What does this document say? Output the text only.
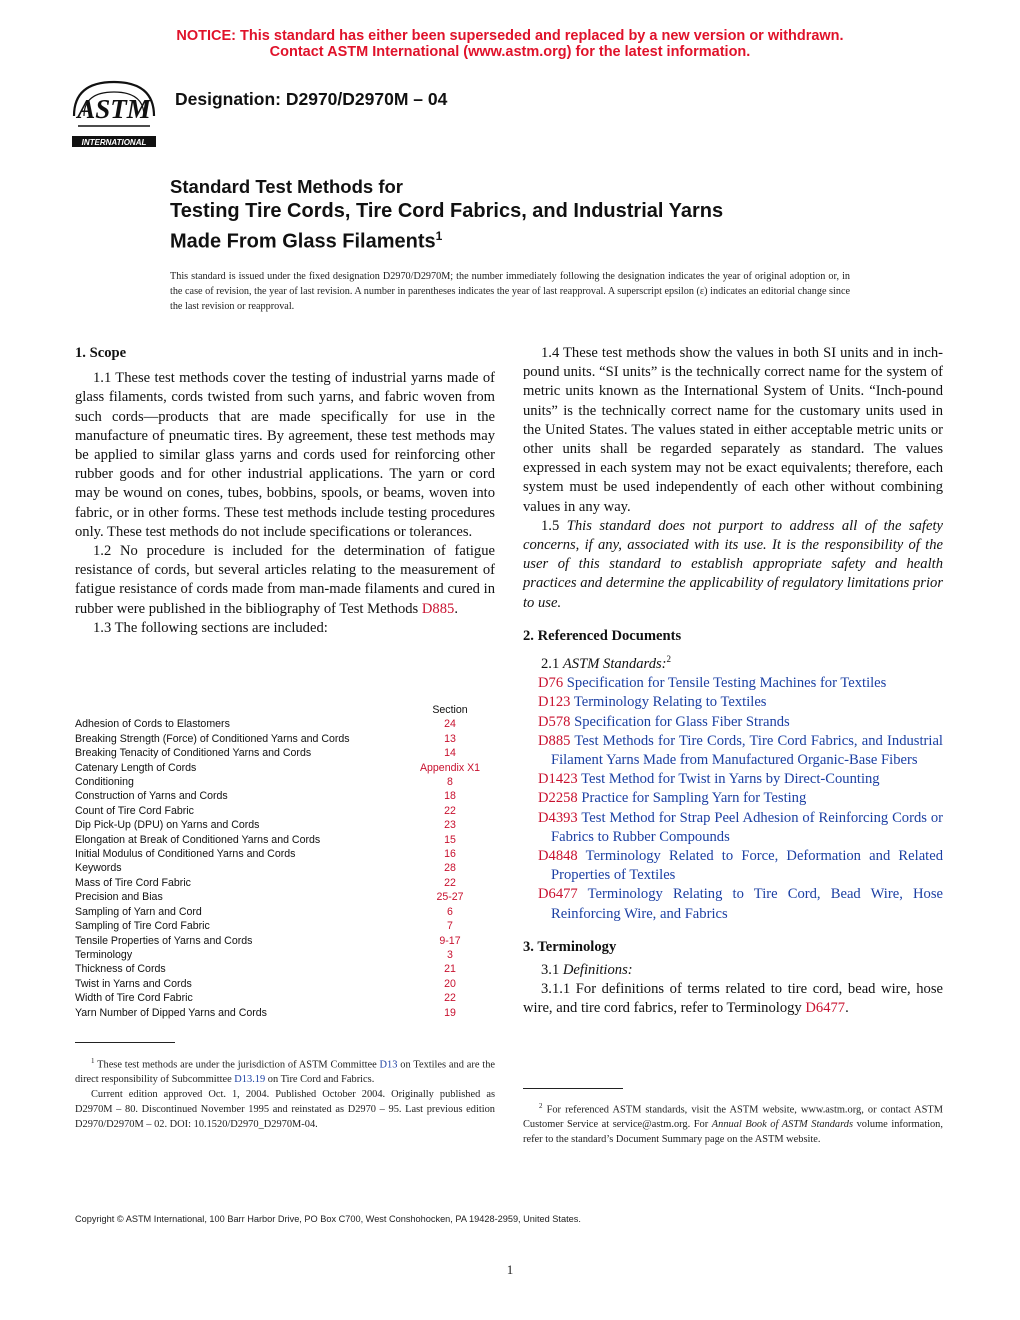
NOTICE: This standard has either been superseded and replaced by a new version or withdrawn.
Contact ASTM International (www.astm.org) for the latest information.
ASTM
INTERNATIONAL
Designation: D2970/D2970M – 04
Standard Test Methods for
Testing Tire Cords, Tire Cord Fabrics, and Industrial Yarns
Made From Glass Filaments$^1$
This standard is issued under the fixed designation D2970/D2970M; the number immediately following the designation indicates the year of original adoption or, in the case of revision, the year of last revision. A number in parentheses indicates the year of last reapproval. A superscript epsilon (ε) indicates an editorial change since the last revision or reapproval.

1. Scope

1.1 These test methods cover the testing of industrial yarns made of glass filaments, cords twisted from such yarns, and fabric woven from such cords—products that are made specifically for use in the manufacture of pneumatic tires. By agreement, these test methods may be applied to similar glass yarns and cords used for reinforcing other rubber goods and for other industrial applications. The yarn or cord may be wound on cones, tubes, bobbins, spools, or beams, woven into fabric, or in other forms. These test methods include testing procedures only. These test methods do not include specifications or tolerances.

1.2 No procedure is included for the determination of fatigue resistance of cords, but several articles relating to the measurement of fatigue resistance of cords made from man-made filaments and cured in rubber were published in the bibliography of Test Methods D885.

1.3 The following sections are included:

Section
Adhesion of Cords to Elastomers	24
Breaking Strength (Force) of Conditioned Yarns and Cords	13
Breaking Tenacity of Conditioned Yarns and Cords	14
Catenary Length of Cords	Appendix X1
Conditioning	8
Construction of Yarns and Cords	18
Count of Tire Cord Fabric	22
Dip Pick-Up (DPU) on Yarns and Cords	23
Elongation at Break of Conditioned Yarns and Cords	15
Initial Modulus of Conditioned Yarns and Cords	16
Keywords	28
Mass of Tire Cord Fabric	22
Precision and Bias	25-27
Sampling of Yarn and Cord	6
Sampling of Tire Cord Fabric	7
Tensile Properties of Yarns and Cords	9-17
Terminology	3
Thickness of Cords	21
Twist in Yarns and Cords	20
Width of Tire Cord Fabric	22
Yarn Number of Dipped Yarns and Cords	19

1.4 These test methods show the values in both SI units and in inch-pound units. “SI units” is the technically correct name for the system of metric units known as the International System of Units. “Inch-pound units” is the technically correct name for the customary units used in the United States. The values stated in either acceptable metric units or other units shall be regarded separately as standard. The values expressed in each system may not be exact equivalents; therefore, each system must be used independently of each other without combining values in any way.

1.5 This standard does not purport to address all of the safety concerns, if any, associated with its use. It is the responsibility of the user of this standard to establish appropriate safety and health practices and determine the applicability of regulatory limitations prior to use.

2. Referenced Documents

2.1 ASTM Standards:$^2$

D76 Specification for Tensile Testing Machines for Textiles

D123 Terminology Relating to Textiles

D578 Specification for Glass Fiber Strands

D885 Test Methods for Tire Cords, Tire Cord Fabrics, and Industrial Filament Yarns Made from Manufactured Organic-Base Fibers

D1423 Test Method for Twist in Yarns by Direct-Counting

D2258 Practice for Sampling Yarn for Testing

D4393 Test Method for Strap Peel Adhesion of Reinforcing Cords or Fabrics to Rubber Compounds

D4848 Terminology Related to Force, Deformation and Related Properties of Textiles

D6477 Terminology Relating to Tire Cord, Bead Wire, Hose Reinforcing Wire, and Fabrics

3. Terminology

3.1 Definitions:

3.1.1 For definitions of terms related to tire cord, bead wire, hose wire, and tire cord fabrics, refer to Terminology D6477.

$^1$ These test methods are under the jurisdiction of ASTM Committee D13 on Textiles and are the direct responsibility of Subcommittee D13.19 on Tire Cord and Fabrics.

Current edition approved Oct. 1, 2004. Published October 2004. Originally published as D2970M – 80. Discontinued November 1995 and reinstated as D2970 – 95. Last previous edition D2970/D2970M – 02. DOI: 10.1520/D2970_D2970M-04.

$^2$ For referenced ASTM standards, visit the ASTM website, www.astm.org, or contact ASTM Customer Service at service@astm.org. For Annual Book of ASTM Standards volume information, refer to the standard’s Document Summary page on the ASTM website.

Copyright © ASTM International, 100 Barr Harbor Drive, PO Box C700, West Conshohocken, PA 19428-2959, United States.
1
